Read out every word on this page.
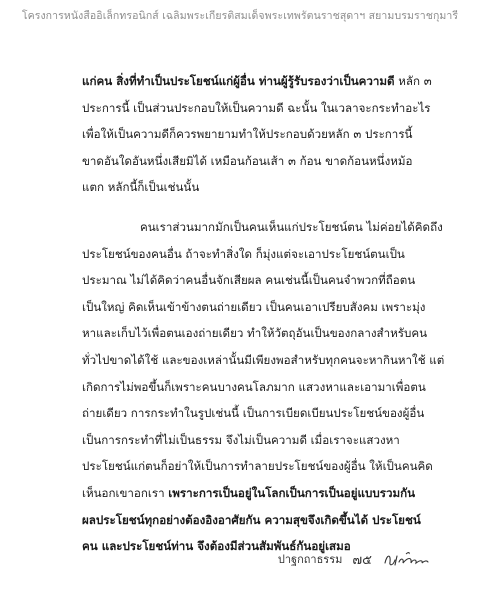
โครงการหนังสืออิเล็กทรอนิกส์ เฉลิมพระเกียรติสมเด็จพระเทพรัตนราชสุดาฯ สยามบรมราชกุมารี
แก่คน สิ่งที่ทำเป็นประโยชน์แก่ผู้อื่น ท่านผู้รู้รับรองว่าเป็นความดี หลัก ๓
ประการนี้ เป็นส่วนประกอบให้เป็นความดี ฉะนั้น ในเวลาจะกระทำอะไร
เพื่อให้เป็นความดีก็ควรพยายามทำให้ประกอบด้วยหลัก ๓ ประการนี้
ขาดอันใดอันหนึ่งเสียมิได้ เหมือนก้อนเส้า ๓ ก้อน ขาดก้อนหนึ่งหม้อ
แตก หลักนี้ก็เป็นเช่นนั้น
คนเราส่วนมากมักเป็นคนเห็นแก่ประโยชน์ตน ไม่ค่อยได้คิดถึง
ประโยชน์ของคนอื่น ถ้าจะทำสิ่งใด ก็มุ่งแต่จะเอาประโยชน์ตนเป็น
ประมาณ ไม่ได้คิดว่าคนอื่นจักเสียผล คนเช่นนี้เป็นคนจำพวกที่ถือตน
เป็นใหญ่ คิดเห็นเข้าข้างตนถ่ายเดียว เป็นคนเอาเปรียบสังคม เพราะมุ่ง
หาและเก็บไว้เพื่อตนเองถ่ายเดียว ทำให้วัตถุอันเป็นของกลางสำหรับคน
ทั่วไปขาดได้ใช้ และของเหล่านั้นมีเพียงพอสำหรับทุกคนจะหากินหาใช้ แต่
เกิดการไม่พอขึ้นก็เพราะคนบางคนโลภมาก แสวงหาและเอามาเพื่อตน
ถ่ายเดียว การกระทำในรูปเช่นนี้ เป็นการเบียดเบียนประโยชน์ของผู้อื่น
เป็นการกระทำที่ไม่เป็นธรรม จึงไม่เป็นความดี เมื่อเราจะแสวงหา
ประโยชน์แก่ตนก็อย่าให้เป็นการทำลายประโยชน์ของผู้อื่น ให้เป็นคนคิด
เห็นอกเขาอกเรา เพราะการเป็นอยู่ในโลกเป็นการเป็นอยู่แบบรวมกัน
ผลประโยชน์ทุกอย่างต้องอิงอาศัยกัน ความสุขจึงเกิดขึ้นได้ ประโยชน์
คน และประโยชน์ท่าน จึงต้องมีส่วนสัมพันธ์กันอยู่เสมอ
ปาฐกถาธรรม ๗๕
